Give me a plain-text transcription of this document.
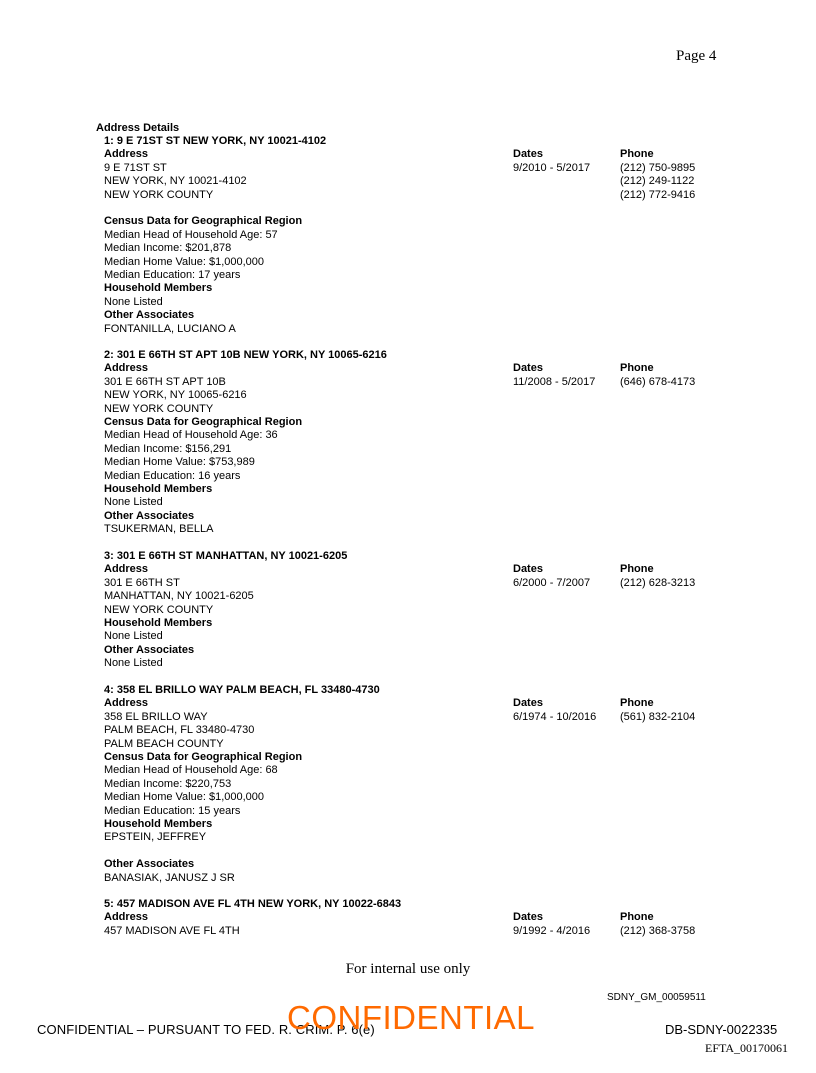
Page 4
Address Details
1: 9 E 71ST ST NEW YORK, NY 10021-4102
Address
9 E 71ST ST
NEW YORK, NY 10021-4102
NEW YORK COUNTY
Census Data for Geographical Region
Median Head of Household Age: 57
Median Income: $201,878
Median Home Value: $1,000,000
Median Education: 17 years
Household Members
None Listed
Other Associates
FONTANILLA, LUCIANO A
Dates
9/2010 - 5/2017
Phone
(212) 750-9895
(212) 249-1122
(212) 772-9416
2: 301 E 66TH ST APT 10B NEW YORK, NY 10065-6216
Address
301 E 66TH ST APT 10B
NEW YORK, NY 10065-6216
NEW YORK COUNTY
Census Data for Geographical Region
Median Head of Household Age: 36
Median Income: $156,291
Median Home Value: $753,989
Median Education: 16 years
Household Members
None Listed
Other Associates
TSUKERMAN, BELLA
Dates
11/2008 - 5/2017
Phone
(646) 678-4173
3: 301 E 66TH ST MANHATTAN, NY 10021-6205
Address
301 E 66TH ST
MANHATTAN, NY 10021-6205
NEW YORK COUNTY
Household Members
None Listed
Other Associates
None Listed
Dates
6/2000 - 7/2007
Phone
(212) 628-3213
4: 358 EL BRILLO WAY PALM BEACH, FL 33480-4730
Address
358 EL BRILLO WAY
PALM BEACH, FL 33480-4730
PALM BEACH COUNTY
Census Data for Geographical Region
Median Head of Household Age: 68
Median Income: $220,753
Median Home Value: $1,000,000
Median Education: 15 years
Household Members
EPSTEIN, JEFFREY
Other Associates
BANASIAK, JANUSZ J SR
Dates
6/1974 - 10/2016
Phone
(561) 832-2104
5: 457 MADISON AVE FL 4TH NEW YORK, NY 10022-6843
Address
457 MADISON AVE FL 4TH
Dates
9/1992 - 4/2016
Phone
(212) 368-3758
For internal use only
SDNY_GM_00059511
CONFIDENTIAL – PURSUANT TO FED. R. CRIM. P. 6(e)
CONFIDENTIAL	DB-SDNY-0022335
EFTA_00170061
